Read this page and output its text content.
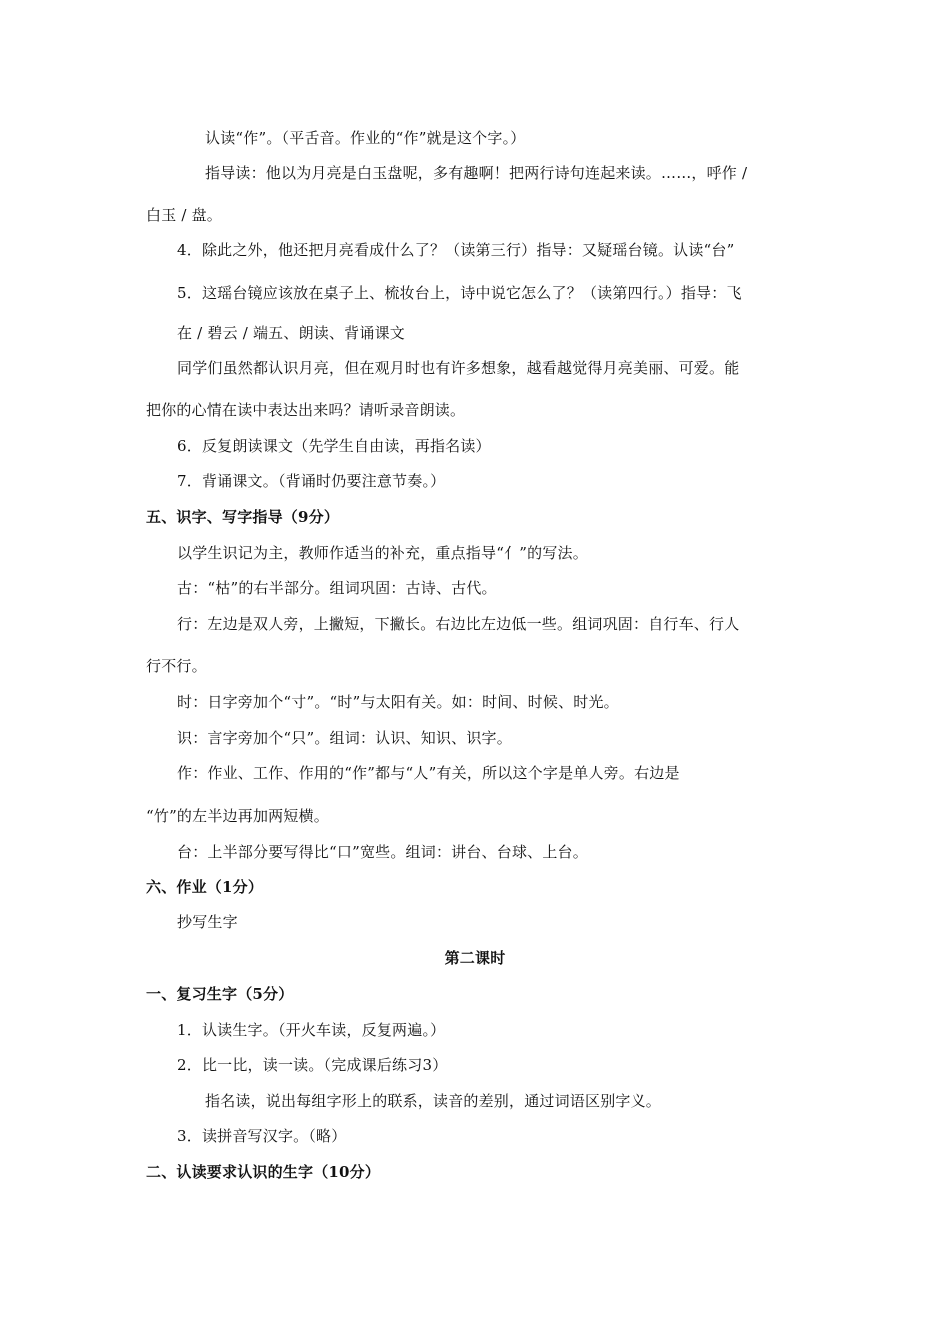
认读“作”。（平舌音。作业的“作”就是这个字。）
指导读：他以为月亮是白玉盘呢，多有趣啊！把两行诗句连起来读。……，呼作 /
白玉 / 盘。
4．除此之外，他还把月亮看成什么了？（读第三行）指导：又疑瑶台镜。认读“台”
5．这瑶台镜应该放在桌子上、梳妆台上，诗中说它怎么了？（读第四行。）指导：飞
在 / 碧云 / 端五、朗读、背诵课文
同学们虽然都认识月亮，但在观月时也有许多想象，越看越觉得月亮美丽、可爱。能
把你的心情在读中表达出来吗？请听录音朗读。
6．反复朗读课文（先学生自由读，再指名读）
7．背诵课文。（背诵时仍要注意节奏。）
五、识字、写字指导（9分）
以学生识记为主，教师作适当的补充，重点指导“亻”的写法。
古：“枯”的右半部分。组词巩固：古诗、古代。
行：左边是双人旁，上撇短，下撇长。右边比左边低一些。组词巩固：自行车、行人
行不行。
时：日字旁加个“寸”。“时”与太阳有关。如：时间、时候、时光。
识：言字旁加个“只”。组词：认识、知识、识字。
作：作业、工作、作用的“作”都与“人”有关，所以这个字是单人旁。右边是
“竹”的左半边再加两短横。
台：上半部分要写得比“口”宽些。组词：讲台、台球、上台。
六、作业（1分）
抄写生字
第二课时
一、复习生字（5分）
1．认读生字。（开火车读，反复两遍。）
2．比一比，读一读。（完成课后练习3）
指名读，说出每组字形上的联系，读音的差别，通过词语区别字义。
3．读拼音写汉字。（略）
二、认读要求认识的生字（10分）
